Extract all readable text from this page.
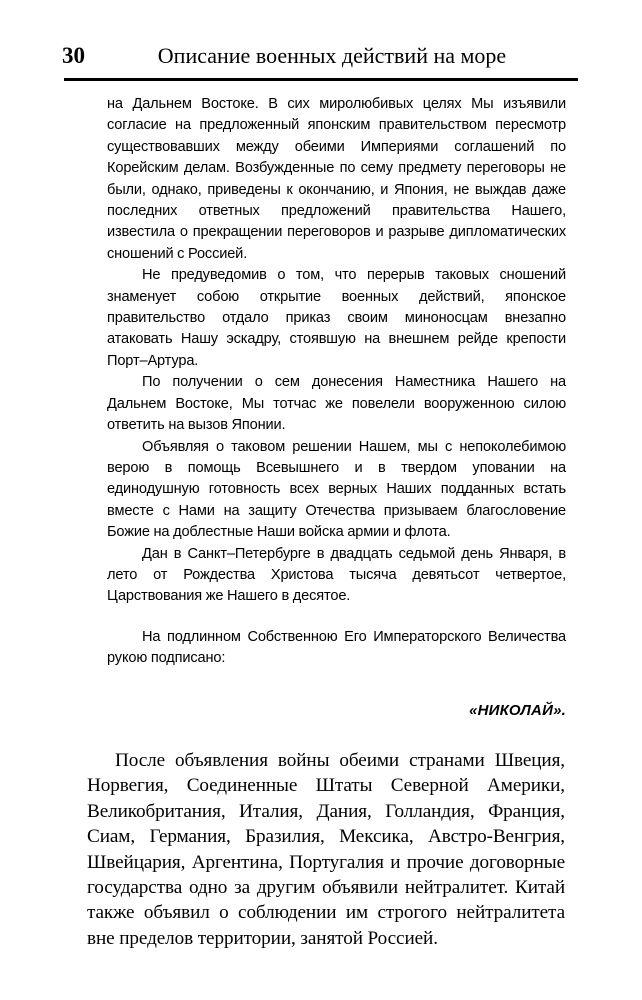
30	Описание военных действий на море

на Дальнем Востоке. В сих миролюбивых целях Мы изъявили согласие на предложенный японским правительством пересмотр существовавших между обеими Империями соглашений по Корейским делам. Возбужденные по сему предмету переговоры не были, однако, приведены к окончанию, и Япония, не выждав даже последних ответных предложений правительства Нашего, известила о прекращении переговоров и разрыве дипломатических сношений с Россией.

Не предуведомив о том, что перерыв таковых сношений знаменует собою открытие военных действий, японское правительство отдало приказ своим миноносцам внезапно атаковать Нашу эскадру, стоявшую на внешнем рейде крепости Порт–Артура.

По получении о сем донесения Наместника Нашего на Дальнем Востоке, Мы тотчас же повелели вооруженною силою ответить на вызов Японии.

Объявляя о таковом решении Нашем, мы с непоколебимою верою в помощь Всевышнего и в твердом уповании на единодушную готовность всех верных Наших подданных встать вместе с Нами на защиту Отечества призываем благословение Божие на доблестные Наши войска армии и флота.

Дан в Санкт–Петербурге в двадцать седьмой день Января, в лето от Рождества Христова тысяча девятьсот четвертое, Царствования же Нашего в десятое.

На подлинном Собственною Его Императорского Величества рукою подписано:

«НИКОЛАЙ».

После объявления войны обеими странами Швеция, Норвегия, Соединенные Штаты Северной Америки, Великобритания, Италия, Дания, Голландия, Франция, Сиам, Германия, Бразилия, Мексика, Австро-Венгрия, Швейцария, Аргентина, Португалия и прочие договорные государства одно за другим объявили нейтралитет. Китай также объявил о соблюдении им строгого нейтралитета вне пределов территории, занятой Россией.
